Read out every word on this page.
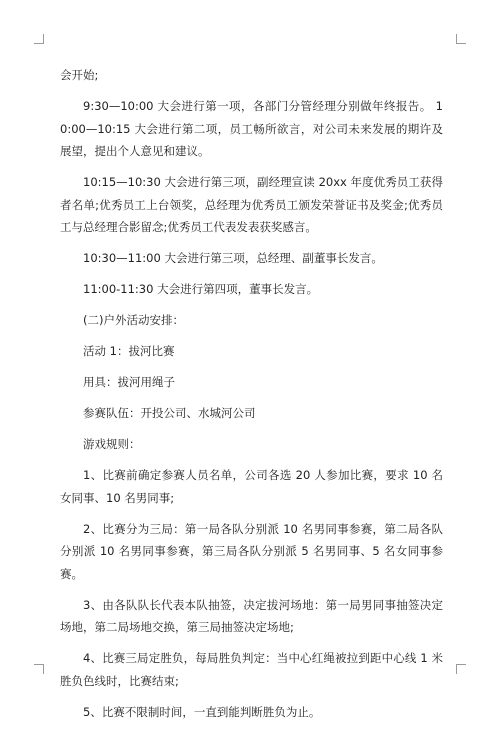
会开始;

9:30—10:00 大会进行第一项，各部门分管经理分别做年终报告。 10:00—10:15 大会进行第二项，员工畅所欲言，对公司未来发展的期许及展望，提出个人意见和建议。

10:15—10:30 大会进行第三项，副经理宣读 20xx 年度优秀员工获得者名单;优秀员工上台领奖，总经理为优秀员工颁发荣誉证书及奖金;优秀员工与总经理合影留念;优秀员工代表发表获奖感言。

10:30—11:00 大会进行第三项，总经理、副董事长发言。

11:00-11:30 大会进行第四项，董事长发言。

(二)户外活动安排：

活动 1：拔河比赛

用具：拔河用绳子

参赛队伍：开投公司、水城河公司

游戏规则：

1、比赛前确定参赛人员名单，公司各选 20 人参加比赛，要求 10 名女同事、10 名男同事;

2、比赛分为三局：第一局各队分别派 10 名男同事参赛，第二局各队分别派 10 名男同事参赛，第三局各队分别派 5 名男同事、5 名女同事参赛。

3、由各队队长代表本队抽签，决定拔河场地：第一局男同事抽签决定场地，第二局场地交换，第三局抽签决定场地;

4、比赛三局定胜负，每局胜负判定：当中心红绳被拉到距中心线 1 米胜负色线时，比赛结束;

5、比赛不限制时间，一直到能判断胜负为止。
